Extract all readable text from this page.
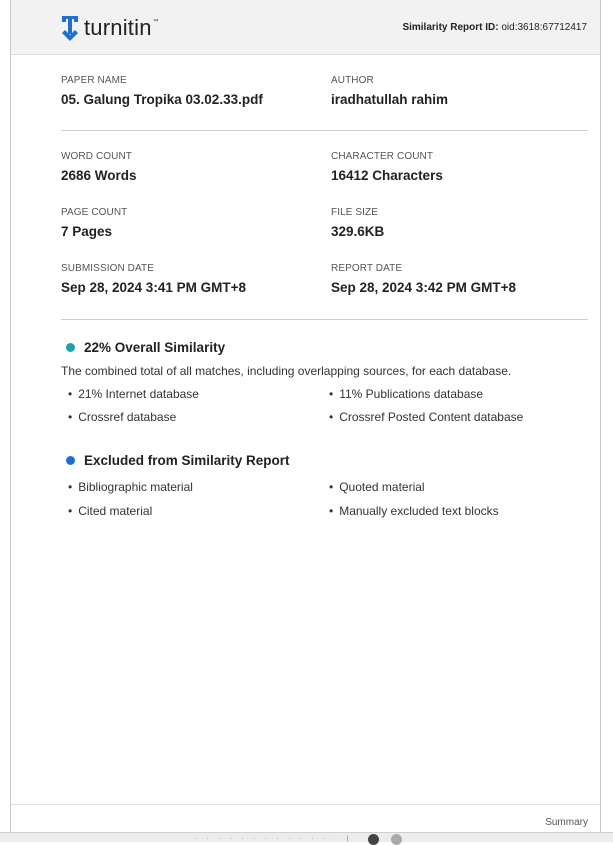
turnitin ™	Similarity Report ID: oid:3618:67712417
PAPER NAME
05. Galung Tropika 03.02.33.pdf
AUTHOR
iradhatullah rahim
WORD COUNT
2686 Words
CHARACTER COUNT
16412 Characters
PAGE COUNT
7 Pages
FILE SIZE
329.6KB
SUBMISSION DATE
Sep 28, 2024 3:41 PM GMT+8
REPORT DATE
Sep 28, 2024 3:42 PM GMT+8
22% Overall Similarity
The combined total of all matches, including overlapping sources, for each database.
• 21% Internet database	• 11% Publications database
• Crossref database	• Crossref Posted Content database
Excluded from Similarity Report
• Bibliographic material	• Quoted material
• Cited material	• Manually excluded text blocks
Summary
· · · · · · · · · · · · · |
